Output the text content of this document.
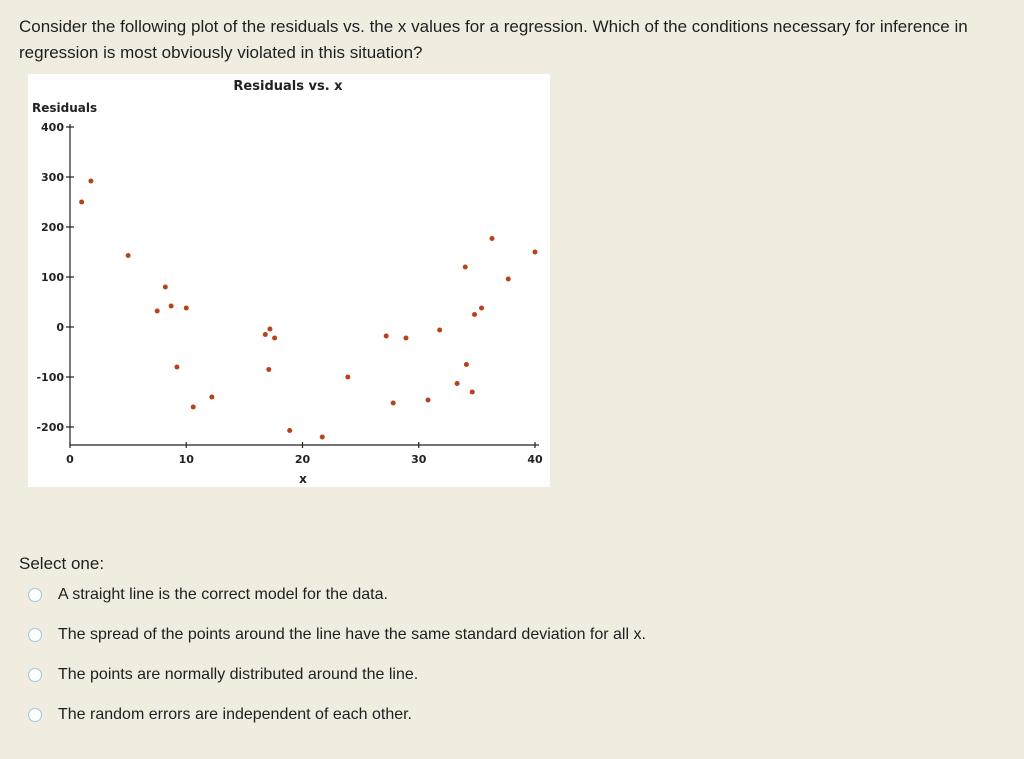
Consider the following plot of the residuals vs. the x values for a regression. Which of the conditions necessary for inference in regression is most obviously violated in this situation?

Residuals vs. x
Residuals
x
400
300
200
100
0
-100
-200
0	10	20	30	40
Select one:
A straight line is the correct model for the data.
The spread of the points around the line have the same standard deviation for all x.
The points are normally distributed around the line.
The random errors are independent of each other.
